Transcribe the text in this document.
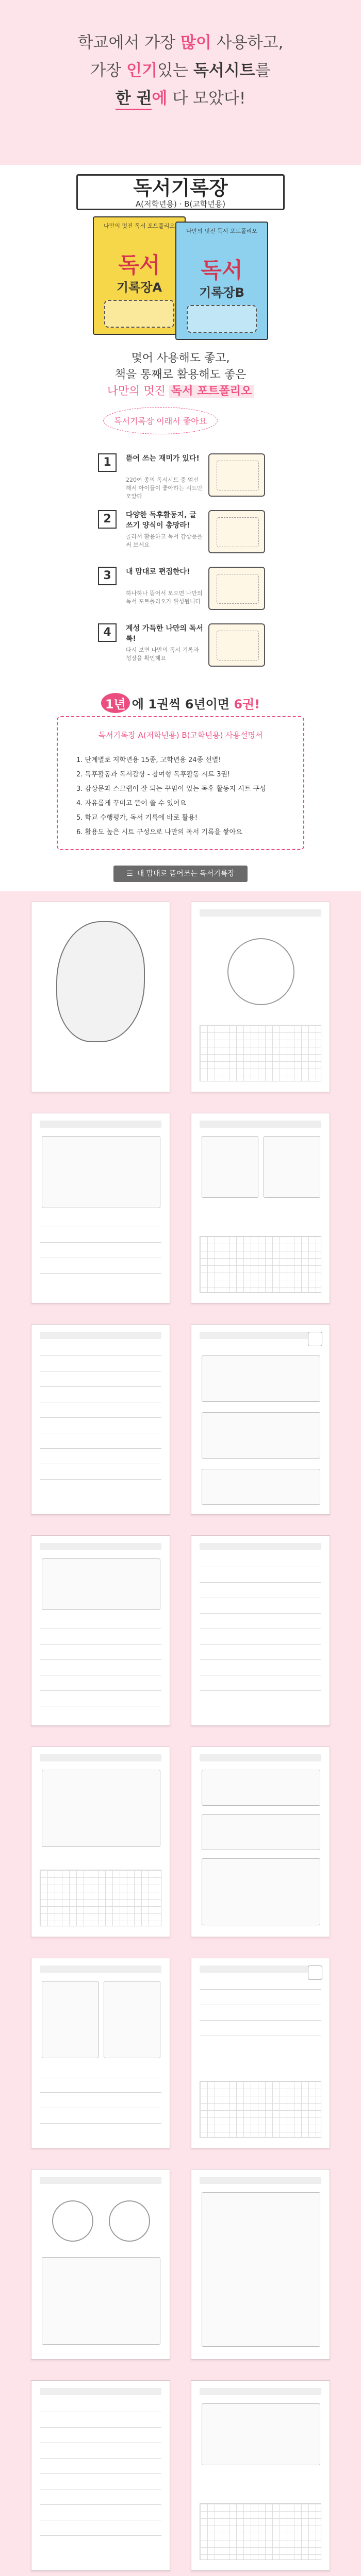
학교에서 가장 많이 사용하고,
가장 인기있는 독서시트를
한 권에 다 모았다!
독서기록장
A(저학년용) · B(고학년용)
나만의 멋진 독서 포트폴리오
독서
기록장A
나만의 멋진 독서 포트폴리오
독서
기록장B
몇어 사용해도 좋고,
책을 통째로 활용해도 좋은
나만의 멋진 독서 포트폴리오
독서기록장 이래서 좋아요
1	뜯어 쓰는 재미가 있다!
220여 종의 독서시트 중 엄선해서 아이들이 좋아하는 시트만 모았다
2	다양한 독후활동지, 글쓰기 양식이 총망라!
골라서 활용하고 독서 감상문을 써 보세요
3	내 맘대로 편집한다!
하나하나 뜯어서 모으면 나만의 독서 포트폴리오가 완성됩니다
4	계성 가득한 나만의 독서록!
다시 보면 나만의 독서 기록과 성장을 확인해요
1년 에 1권씩 6년이면 6권!
독서기록장 A(저학년용) B(고학년용) 사용설명서
1. 단계별로 저학년용 15종, 고학년용 24종 선별!
2. 독후활동과 독서감상 - 참여형 독후활동 시트 3권!
3. 감상문과 스크랩이 잘 되는 꾸밈이 있는 독후 활동지 시트 구성
4. 자유롭게 꾸미고 뜯어 쓸 수 있어요
5. 학교 수행평가, 독서 기록에 바로 활용!
6. 활용도 높은 시트 구성으로 나만의 독서 기록을 쌓아요
☰ 내 맘대로 뜯어쓰는 독서기록장
